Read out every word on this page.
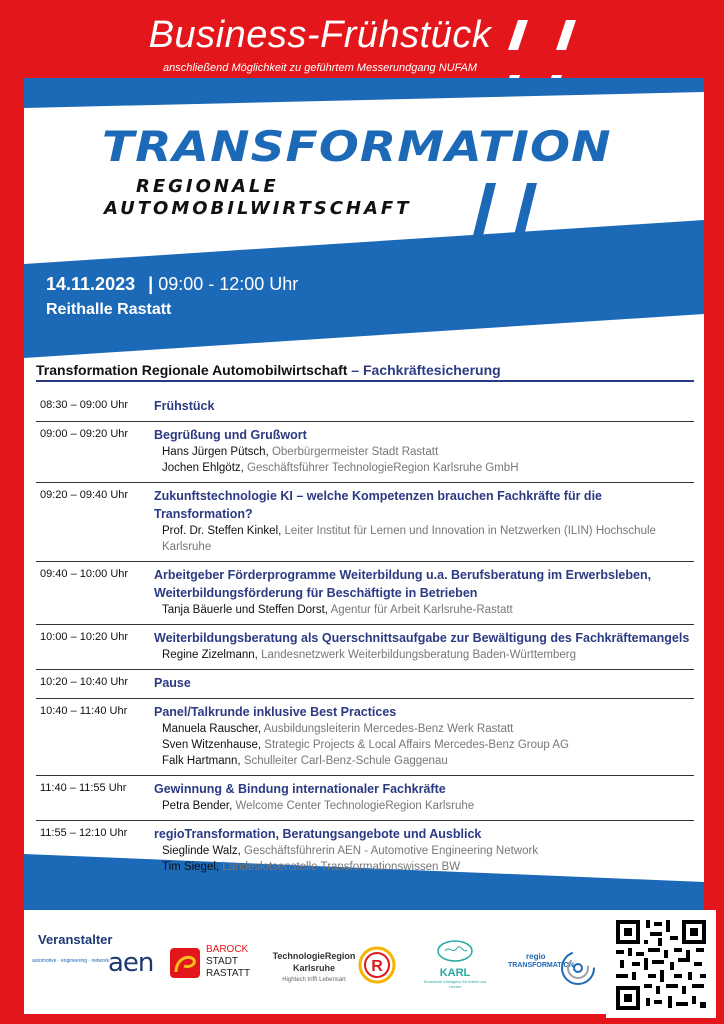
Business-Frühstück
anschließend Möglichkeit zu geführtem Messerundgang NUFAM
TRANSFORMATION
REGIONALE
AUTOMOBILWIRTSCHAFT
14.11.2023 | 09:00 - 12:00 Uhr
Reithalle Rastatt
Transformation Regionale Automobilwirtschaft – Fachkräftesicherung
08:30 – 09:00 Uhr	Frühstück
09:00 – 09:20 Uhr	Begrüßung und Grußwort
Hans Jürgen Pütsch, Oberbürgermeister Stadt Rastatt
Jochen Ehlgötz, Geschäftsführer TechnologieRegion Karlsruhe GmbH
09:20 – 09:40 Uhr	Zukunftstechnologie KI – welche Kompetenzen brauchen Fachkräfte für die Transformation?
Prof. Dr. Steffen Kinkel, Leiter Institut für Lernen und Innovation in Netzwerken (ILIN) Hochschule Karlsruhe
09:40 – 10:00 Uhr	Arbeitgeber Förderprogramme Weiterbildung u.a. Berufsberatung im Erwerbsleben, Weiterbildungsförderung für Beschäftigte in Betrieben
Tanja Bäuerle und Steffen Dorst, Agentur für Arbeit Karlsruhe-Rastatt
10:00 – 10:20 Uhr	Weiterbildungsberatung als Querschnittsaufgabe zur Bewältigung des Fachkräftemangels
Regine Zizelmann, Landesnetzwerk Weiterbildungsberatung Baden-Württemberg
10:20 – 10:40 Uhr	Pause
10:40 – 11:40 Uhr	Panel/Talkrunde inklusive Best Practices
Manuela Rauscher, Ausbildungsleiterin Mercedes-Benz Werk Rastatt
Sven Witzenhause, Strategic Projects & Local Affairs Mercedes-Benz Group AG
Falk Hartmann, Schulleiter Carl-Benz-Schule Gaggenau
11:40 – 11:55 Uhr	Gewinnung & Bindung internationaler Fachkräfte
Petra Bender, Welcome Center TechnologieRegion Karlsruhe
11:55 – 12:10 Uhr	regioTransformation, Beratungsangebote und Ausblick
Sieglinde Walz, Geschäftsführerin AEN - Automotive Engineering Network
Tim Siegel, Landeslotsenstelle Transformationswissen BW
Veranstalter
automotive · engineering · network aen	BAROCK
STADT
RASTATT
TechnologieRegion
Karlsruhe
Hightech trifft Lebensart
R	KARL
Künstliche Intelligenz für Arbeit und Lernen
regio
TRANSFORMATION
